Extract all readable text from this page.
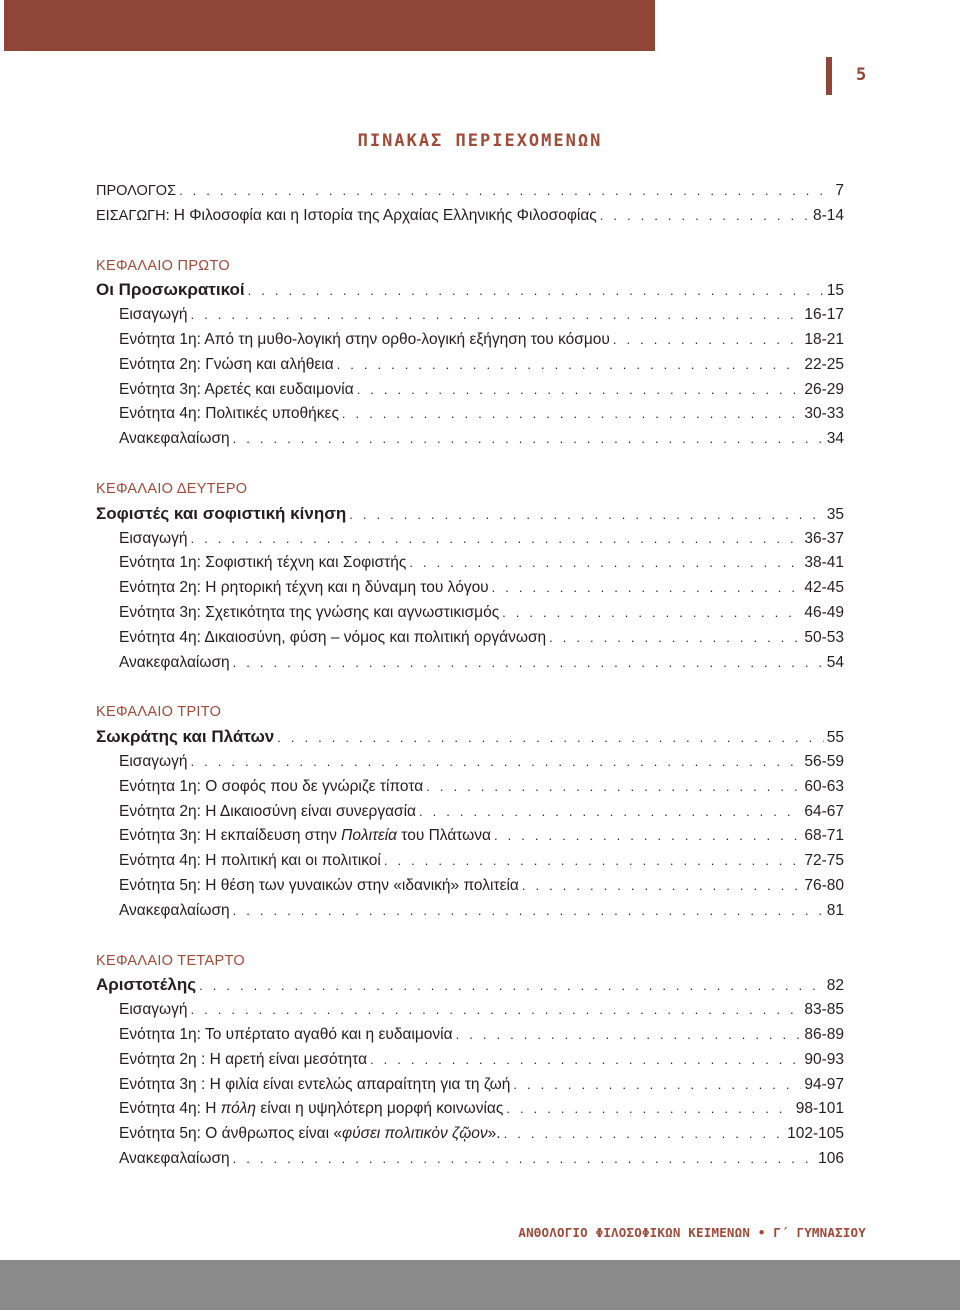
5
ΠΙΝΑΚΑΣ ΠΕΡΙΕΧΟΜΕΝΩΝ
ΠΡΟΛΟΓΟΣ . . .	7
ΕΙΣΑΓΩΓΗ: Η Φιλοσοφία και η Ιστορία της Αρχαίας Ελληνικής Φιλοσοφίας . . .	8-14
ΚΕΦΑΛΑΙΟ ΠΡΩΤΟ
Οι Προσωκρατικοί . . .	15
Εισαγωγή . . .	16-17
Ενότητα 1η: Από τη μυθο-λογική στην ορθο-λογική εξήγηση του κόσμου . . .	18-21
Ενότητα 2η: Γνώση και αλήθεια . . .	22-25
Ενότητα 3η: Αρετές και ευδαιμονία . . .	26-29
Ενότητα 4η: Πολιτικές υποθήκες . . .	30-33
Ανακεφαλαίωση . . .	34
ΚΕΦΑΛΑΙΟ ΔΕΥΤΕΡΟ
Σοφιστές και σοφιστική κίνηση . . .	35
Εισαγωγή . . .	36-37
Ενότητα 1η: Σοφιστική τέχνη και Σοφιστής . . .	38-41
Ενότητα 2η: Η ρητορική τέχνη και η δύναμη του λόγου . . .	42-45
Ενότητα 3η: Σχετικότητα της γνώσης και αγνωστικισμός . . .	46-49
Ενότητα 4η: Δικαιοσύνη, φύση – νόμος και πολιτική οργάνωση . . .	50-53
Ανακεφαλαίωση . . .	54
ΚΕΦΑΛΑΙΟ ΤΡΙΤΟ
Σωκράτης και Πλάτων . . .	55
Εισαγωγή . . .	56-59
Ενότητα 1η: Ο σοφός που δε γνώριζε τίποτα . . .	60-63
Ενότητα 2η: Η Δικαιοσύνη είναι συνεργασία . . .	64-67
Ενότητα 3η: Η εκπαίδευση στην Πολιτεία του Πλάτωνα . . .	68-71
Ενότητα 4η: Η πολιτική και οι πολιτικοί . . .	72-75
Ενότητα 5η: Η θέση των γυναικών στην «ιδανική» πολιτεία . . .	76-80
Ανακεφαλαίωση . . .	81
ΚΕΦΑΛΑΙΟ ΤΕΤΑΡΤΟ
Αριστοτέλης . . .	82
Εισαγωγή . . .	83-85
Ενότητα 1η: Το υπέρτατο αγαθό και η ευδαιμονία . . .	86-89
Ενότητα 2η : Η αρετή είναι μεσότητα . . .	90-93
Ενότητα 3η : Η φιλία είναι εντελώς απαραίτητη για τη ζωή . . .	94-97
Ενότητα 4η: Η πόλη είναι η υψηλότερη μορφή κοινωνίας . . .	98-101
Ενότητα 5η: Ο άνθρωπος είναι «φύσει πολιτικὸν ζῷον». . . .	102-105
Ανακεφαλαίωση . . .	106
ΑΝΘΟΛΟΓΙΟ ΦΙΛΟΣΟΦΙΚΩΝ ΚΕΙΜΕΝΩΝ • Γ΄ ΓΥΜΝΑΣΙΟΥ
